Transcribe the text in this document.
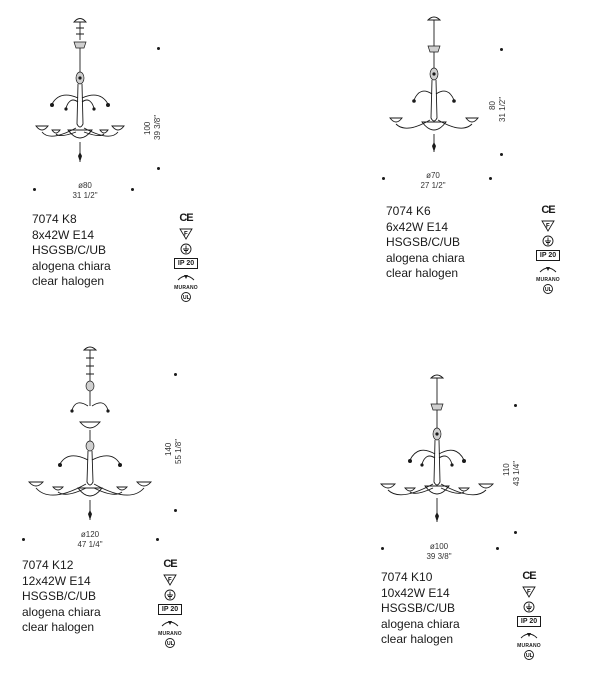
100 39 3/8"
ø80
31 1/2"
7074 K8
8x42W E14
HSGSB/C/UB
alogena chiara
clear halogen
CE
F
IP 20
MURANO
UL
80 31 1/2"
ø70
27 1/2"
7074 K6
6x42W E14
HSGSB/C/UB
alogena chiara
clear halogen
CE
F
IP 20
MURANO
UL
140 55 1/8"
ø120
47 1/4"
7074 K12
12x42W E14
HSGSB/C/UB
alogena chiara
clear halogen
CE
F
IP 20
MURANO
UL
110 43 1/4"
ø100
39 3/8"
7074 K10
10x42W E14
HSGSB/C/UB
alogena chiara
clear halogen
CE
F
IP 20
MURANO
UL
